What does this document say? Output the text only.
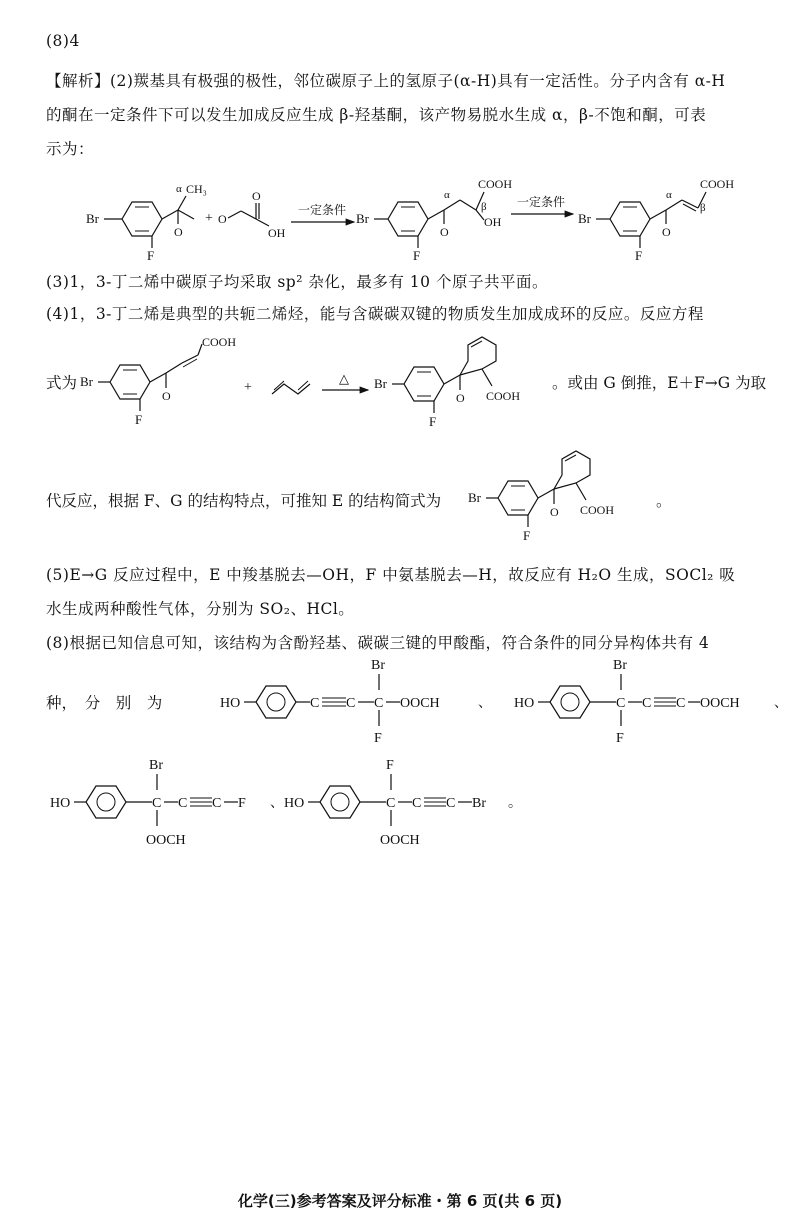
(8)4
【解析】(2)羰基具有极强的极性，邻位碳原子上的氢原子(α-H)具有一定活性。分子内含有 α-H
的酮在一定条件下可以发生加成反应生成 β-羟基酮，该产物易脱水生成 α，β-不饱和酮，可表
示为：
Br
F
CH₃
α
O
+ O
O
OH
一定条件
Br
F
O
α
COOH
β
OH
一定条件
Br
F
O
α
β
COOH
(3)1，3-丁二烯中碳原子均采取 sp² 杂化，最多有 10 个原子共平面。
(4)1，3-丁二烯是典型的共轭二烯烃，能与含碳碳双键的物质发生加成成环的反应。反应方程
式为 Br
F
O
COOH
+
△ Br
F
O COOH
。或由 G 倒推，E＋F→G 为取
代反应，根据 F、G 的结构特点，可推知 E 的结构简式为 Br
F
O COOH	。
(5)E→G 反应过程中，E 中羧基脱去—OH，F 中氨基脱去—H，故反应有 H₂O 生成，SOCl₂ 吸
水生成两种酸性气体，分别为 SO₂、HCl。
(8)根据已知信息可知，该结构为含酚羟基、碳碳三键的甲酸酯，符合条件的同分异构体共有 4
种，　分　别　为	HO	C C C
Br
F
OOCH	、 HO	C
Br
F
C C OOCH 、
HO	C
Br
OOCH
C C F 、 HO	C
F
OOCH
C C Br 。
化学(三)参考答案及评分标准・第 6 页(共 6 页)
